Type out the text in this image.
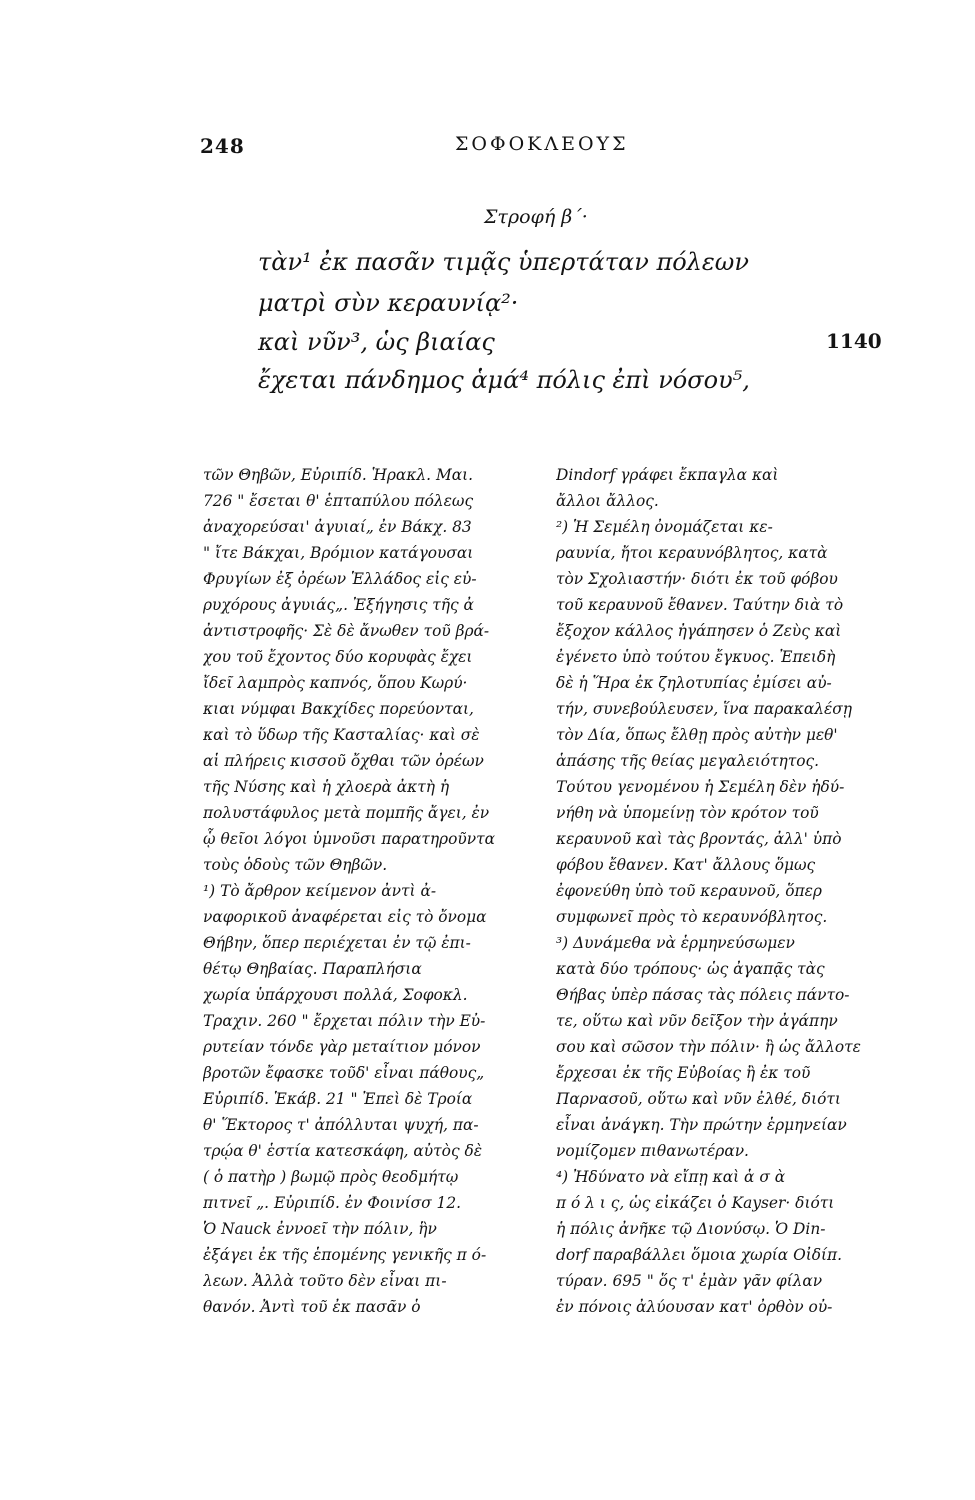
248	ΣΟΦΟΚΛΕΟΥΣ
Στροφή β΄·
τὰν¹ ἐκ πασᾶν τιμᾷς ὑπερτάταν πόλεων
ματρὶ σὺν κεραυνίᾳ²·
καὶ νῦν³, ὡς βιαίας
ἔχεται πάνδημος ἁμά⁴ πόλις ἐπὶ νόσου⁵,
1140
τῶν Θηβῶν, Εὐριπίδ. Ἡρακλ. Μαι.
726 " ἔσεται θ' ἑπταπύλου πόλεως
ἀναχορεύσαι' ἀγυιαί„ ἐν Βάκχ. 83
" ἴτε Βάκχαι, Βρόμιον κατάγουσαι
Φρυγίων ἐξ ὀρέων Ἑλλάδος εἰς εὐ-
ρυχόρους ἀγυιάς„. Ἐξήγησις τῆς ἀ
ἀντιστροφῆς· Σὲ δὲ ἄνωθεν τοῦ βρά-
χου τοῦ ἔχοντος δύο κορυφὰς ἔχει
ἴδεῖ λαμπρὸς καπνός, ὅπου Κωρύ·
κιαι νύμφαι Βακχίδες πορεύονται,
καὶ τὸ ὕδωρ τῆς Κασταλίας· καὶ σὲ
αἱ πλήρεις κισσοῦ ὄχθαι τῶν ὀρέων
τῆς Νύσης καὶ ἡ χλοερὰ ἀκτὴ ἡ
πολυστάφυλος μετὰ πομπῆς ἄγει, ἐν
ᾧ θεῖοι λόγοι ὑμνοῦσι παρατηροῦντα
τοὺς ὁδοὺς τῶν Θηβῶν.
¹) Τὸ ἄρθρον κείμενον ἀντὶ ἀ-
ναφορικοῦ ἀναφέρεται εἰς τὸ ὄνομα
Θήβην, ὅπερ περιέχεται ἐν τῷ ἐπι-
θέτῳ Θηβαίας. Παραπλήσια
χωρία ὑπάρχουσι πολλά, Σοφοκλ.
Τραχιν. 260 " ἔρχεται πόλιν τὴν Εὐ-
ρυτείαν τόνδε γὰρ μεταίτιον μόνον
βροτῶν ἔφασκε τοῦδ' εἶναι πάθους„
Εὐριπίδ. Ἑκάβ. 21 " Ἐπεὶ δὲ Τροία
θ' Ἕκτορος τ' ἀπόλλυται ψυχή, πα-
τρῴα θ' ἑστία κατεσκάφη, αὐτὸς δὲ
( ὁ πατὴρ ) βωμῷ πρὸς θεοδμήτῳ
πιτνεῖ „. Εὐριπίδ. ἐν Φοινίσσ 12.
Ὁ Nauck ἐννοεῖ τὴν πόλιν, ἣν
ἐξάγει ἐκ τῆς ἑπομένης γενικῆς π ό-
λεων. Ἀλλὰ τοῦτο δὲν εἶναι πι-
θανόν. Ἀντὶ τοῦ ἐκ πασᾶν ὁ
Dindorf γράφει ἔκπαγλα καὶ
ἄλλοι ἄλλος.
²) Ἡ Σεμέλη ὀνομάζεται κε-
ραυνία, ἤτοι κεραυνόβλητος, κατὰ
τὸν Σχολιαστήν· διότι ἐκ τοῦ φόβου
τοῦ κεραυνοῦ ἔθανεν. Ταύτην διὰ τὸ
ἔξοχον κάλλος ἠγάπησεν ὁ Ζεὺς καὶ
ἐγένετο ὑπὸ τούτου ἔγκυος. Ἐπειδὴ
δὲ ἡ Ἥρα ἐκ ζηλοτυπίας ἐμίσει αὐ-
τήν, συνεβούλευσεν, ἵνα παρακαλέσῃ
τὸν Δία, ὅπως ἔλθῃ πρὸς αὐτὴν μεθ'
ἁπάσης τῆς θείας μεγαλειότητος.
Τούτου γενομένου ἡ Σεμέλη δὲν ἠδύ-
νήθη νὰ ὑπομείνῃ τὸν κρότον τοῦ
κεραυνοῦ καὶ τὰς βροντάς, ἀλλ' ὑπὸ
φόβου ἔθανεν. Κατ' ἄλλους ὅμως
ἐφονεύθη ὑπὸ τοῦ κεραυνοῦ, ὅπερ
συμφωνεῖ πρὸς τὸ κεραυνόβλητος.
³) Δυνάμεθα νὰ ἑρμηνεύσωμεν
κατὰ δύο τρόπους· ὡς ἀγαπᾷς τὰς
Θήβας ὑπὲρ πάσας τὰς πόλεις πάντο-
τε, οὕτω καὶ νῦν δεῖξον τὴν ἀγάπην
σου καὶ σῶσον τὴν πόλιν· ἢ ὡς ἄλλοτε
ἔρχεσαι ἐκ τῆς Εὐβοίας ἢ ἐκ τοῦ
Παρνασοῦ, οὕτω καὶ νῦν ἐλθέ, διότι
εἶναι ἀνάγκη. Τὴν πρώτην ἑρμηνείαν
νομίζομεν πιθανωτέραν.
⁴) Ἠδύνατο νὰ εἴπῃ καὶ ἁ σ ὰ
π ό λ ι ς, ὡς εἰκάζει ὁ Kayser· διότι
ἡ πόλις ἀνῆκε τῷ Διονύσῳ. Ὁ Din-
dorf παραβάλλει ὅμοια χωρία Οἰδίπ.
τύραν. 695 " ὅς τ' ἐμὰν γᾶν φίλαν
ἐν πόνοις ἀλύουσαν κατ' ὀρθὸν οὐ-
